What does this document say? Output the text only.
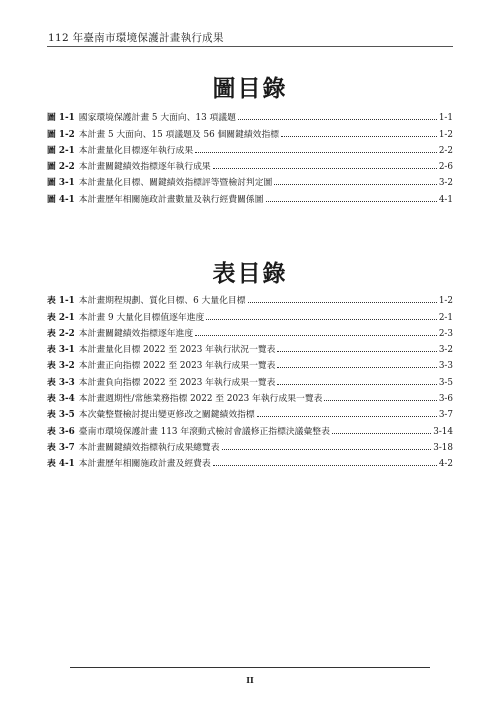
112 年臺南市環境保護計畫執行成果
圖目錄
圖 1-1 國家環境保護計畫 5 大面向、13 項議題	1-1
圖 1-2 本計畫 5 大面向、15 項議題及 56 個關鍵績效指標	1-2
圖 2-1 本計畫量化目標逐年執行成果	2-2
圖 2-2 本計畫關鍵績效指標逐年執行成果	2-6
圖 3-1 本計畫量化目標、關鍵績效指標評等暨檢討判定圖	3-2
圖 4-1 本計畫歷年相關施政計畫數量及執行經費關係圖	4-1
表目錄
表 1-1 本計畫期程規劃、質化目標、6 大量化目標	1-2
表 2-1 本計畫 9 大量化目標值逐年進度	2-1
表 2-2 本計畫關鍵績效指標逐年進度	2-3
表 3-1 本計畫量化目標 2022 至 2023 年執行狀況一覽表	3-2
表 3-2 本計畫正向指標 2022 至 2023 年執行成果一覽表	3-3
表 3-3 本計畫負向指標 2022 至 2023 年執行成果一覽表	3-5
表 3-4 本計畫週期性/常態業務指標 2022 至 2023 年執行成果一覽表	3-6
表 3-5 本次彙整暨檢討提出變更修改之關鍵績效指標	3-7
表 3-6 臺南市環境保護計畫 113 年滾動式檢討會議修正指標決議彙整表	3-14
表 3-7 本計畫關鍵績效指標執行成果總覽表	3-18
表 4-1 本計畫歷年相關施政計畫及經費表	4-2
II
